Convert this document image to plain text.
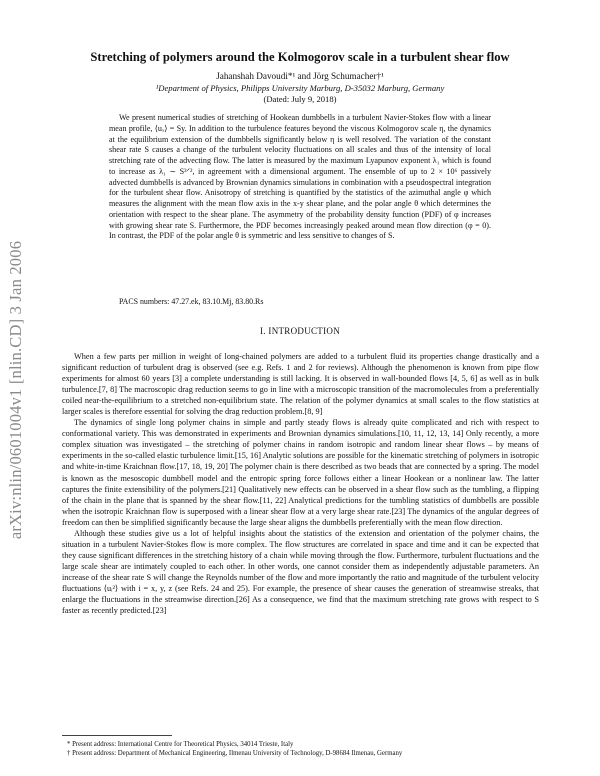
arXiv:nlin/0601004v1 [nlin.CD] 3 Jan 2006
Stretching of polymers around the Kolmogorov scale in a turbulent shear flow
Jahanshah Davoudi*¹ and Jörg Schumacher†¹
¹Department of Physics, Philipps University Marburg, D-35032 Marburg, Germany
(Dated: July 9, 2018)

We present numerical studies of stretching of Hookean dumbbells in a turbulent Navier-Stokes flow with a linear mean profile, ⟨uₓ⟩ = Sy. In addition to the turbulence features beyond the viscous Kolmogorov scale η, the dynamics at the equilibrium extension of the dumbbells significantly below η is well resolved. The variation of the constant shear rate S causes a change of the turbulent velocity fluctuations on all scales and thus of the intensity of local stretching rate of the advecting flow. The latter is measured by the maximum Lyapunov exponent λ₁ which is found to increase as λ₁ ∼ S³ᐟ², in agreement with a dimensional argument. The ensemble of up to 2 × 10⁶ passively advected dumbbells is advanced by Brownian dynamics simulations in combination with a pseudospectral integration for the turbulent shear flow. Anisotropy of stretching is quantified by the statistics of the azimuthal angle φ which measures the alignment with the mean flow axis in the x-y shear plane, and the polar angle θ which determines the orientation with respect to the shear plane. The asymmetry of the probability density function (PDF) of φ increases with growing shear rate S. Furthermore, the PDF becomes increasingly peaked around mean flow direction (φ = 0). In contrast, the PDF of the polar angle θ is symmetric and less sensitive to changes of S.

PACS numbers: 47.27.ek, 83.10.Mj, 83.80.Rs
I. INTRODUCTION

When a few parts per million in weight of long-chained polymers are added to a turbulent fluid its properties change drastically and a significant reduction of turbulent drag is observed (see e.g. Refs. 1 and 2 for reviews). Although the phenomenon is known from pipe flow experiments for almost 60 years [3] a complete understanding is still lacking. It is observed in wall-bounded flows [4, 5, 6] as well as in bulk turbulence.[7, 8] The macroscopic drag reduction seems to go in line with a microscopic transition of the macromolecules from a preferentially coiled near-the-equilibrium to a stretched non-equilibrium state. The relation of the polymer dynamics at small scales to the flow statistics at larger scales is therefore essential for solving the drag reduction problem.[8, 9]

The dynamics of single long polymer chains in simple and partly steady flows is already quite complicated and rich with respect to conformational variety. This was demonstrated in experiments and Brownian dynamics simulations.[10, 11, 12, 13, 14] Only recently, a more complex situation was investigated – the stretching of polymer chains in random isotropic and random linear shear flows – by means of experiments in the so-called elastic turbulence limit.[15, 16] Analytic solutions are possible for the kinematic stretching of polymers in isotropic and white-in-time Kraichnan flow.[17, 18, 19, 20] The polymer chain is there described as two beads that are connected by a spring. The model is known as the mesoscopic dumbbell model and the entropic spring force follows either a linear Hookean or a nonlinear law. The latter captures the finite extensibility of the polymers.[21] Qualitatively new effects can be observed in a shear flow such as the tumbling, a flipping of the chain in the plane that is spanned by the shear flow.[11, 22] Analytical predictions for the tumbling statistics of dumbbells are possible when the isotropic Kraichnan flow is superposed with a linear shear flow at a very large shear rate.[23] The dynamics of the angular degrees of freedom can then be simplified significantly because the large shear aligns the dumbbells preferentially with the mean flow direction.

Although these studies give us a lot of helpful insights about the statistics of the extension and orientation of the polymer chains, the situation in a turbulent Navier-Stokes flow is more complex. The flow structures are correlated in space and time and it can be expected that they cause significant differences in the stretching history of a chain while moving through the flow. Furthermore, turbulent fluctuations and the large scale shear are intimately coupled to each other. In other words, one cannot consider them as independently adjustable parameters. An increase of the shear rate S will change the Reynolds number of the flow and more importantly the ratio and magnitude of the turbulent velocity fluctuations ⟨uᵢ²⟩ with i = x, y, z (see Refs. 24 and 25). For example, the presence of shear causes the generation of streamwise streaks, that enlarge the fluctuations in the streamwise direction.[26] As a consequence, we find that the maximum stretching rate grows with respect to S faster as recently predicted.[23]

* Present address: International Centre for Theoretical Physics, 34014 Trieste, Italy
† Present address: Department of Mechanical Engineering, Ilmenau University of Technology, D-98684 Ilmenau, Germany
